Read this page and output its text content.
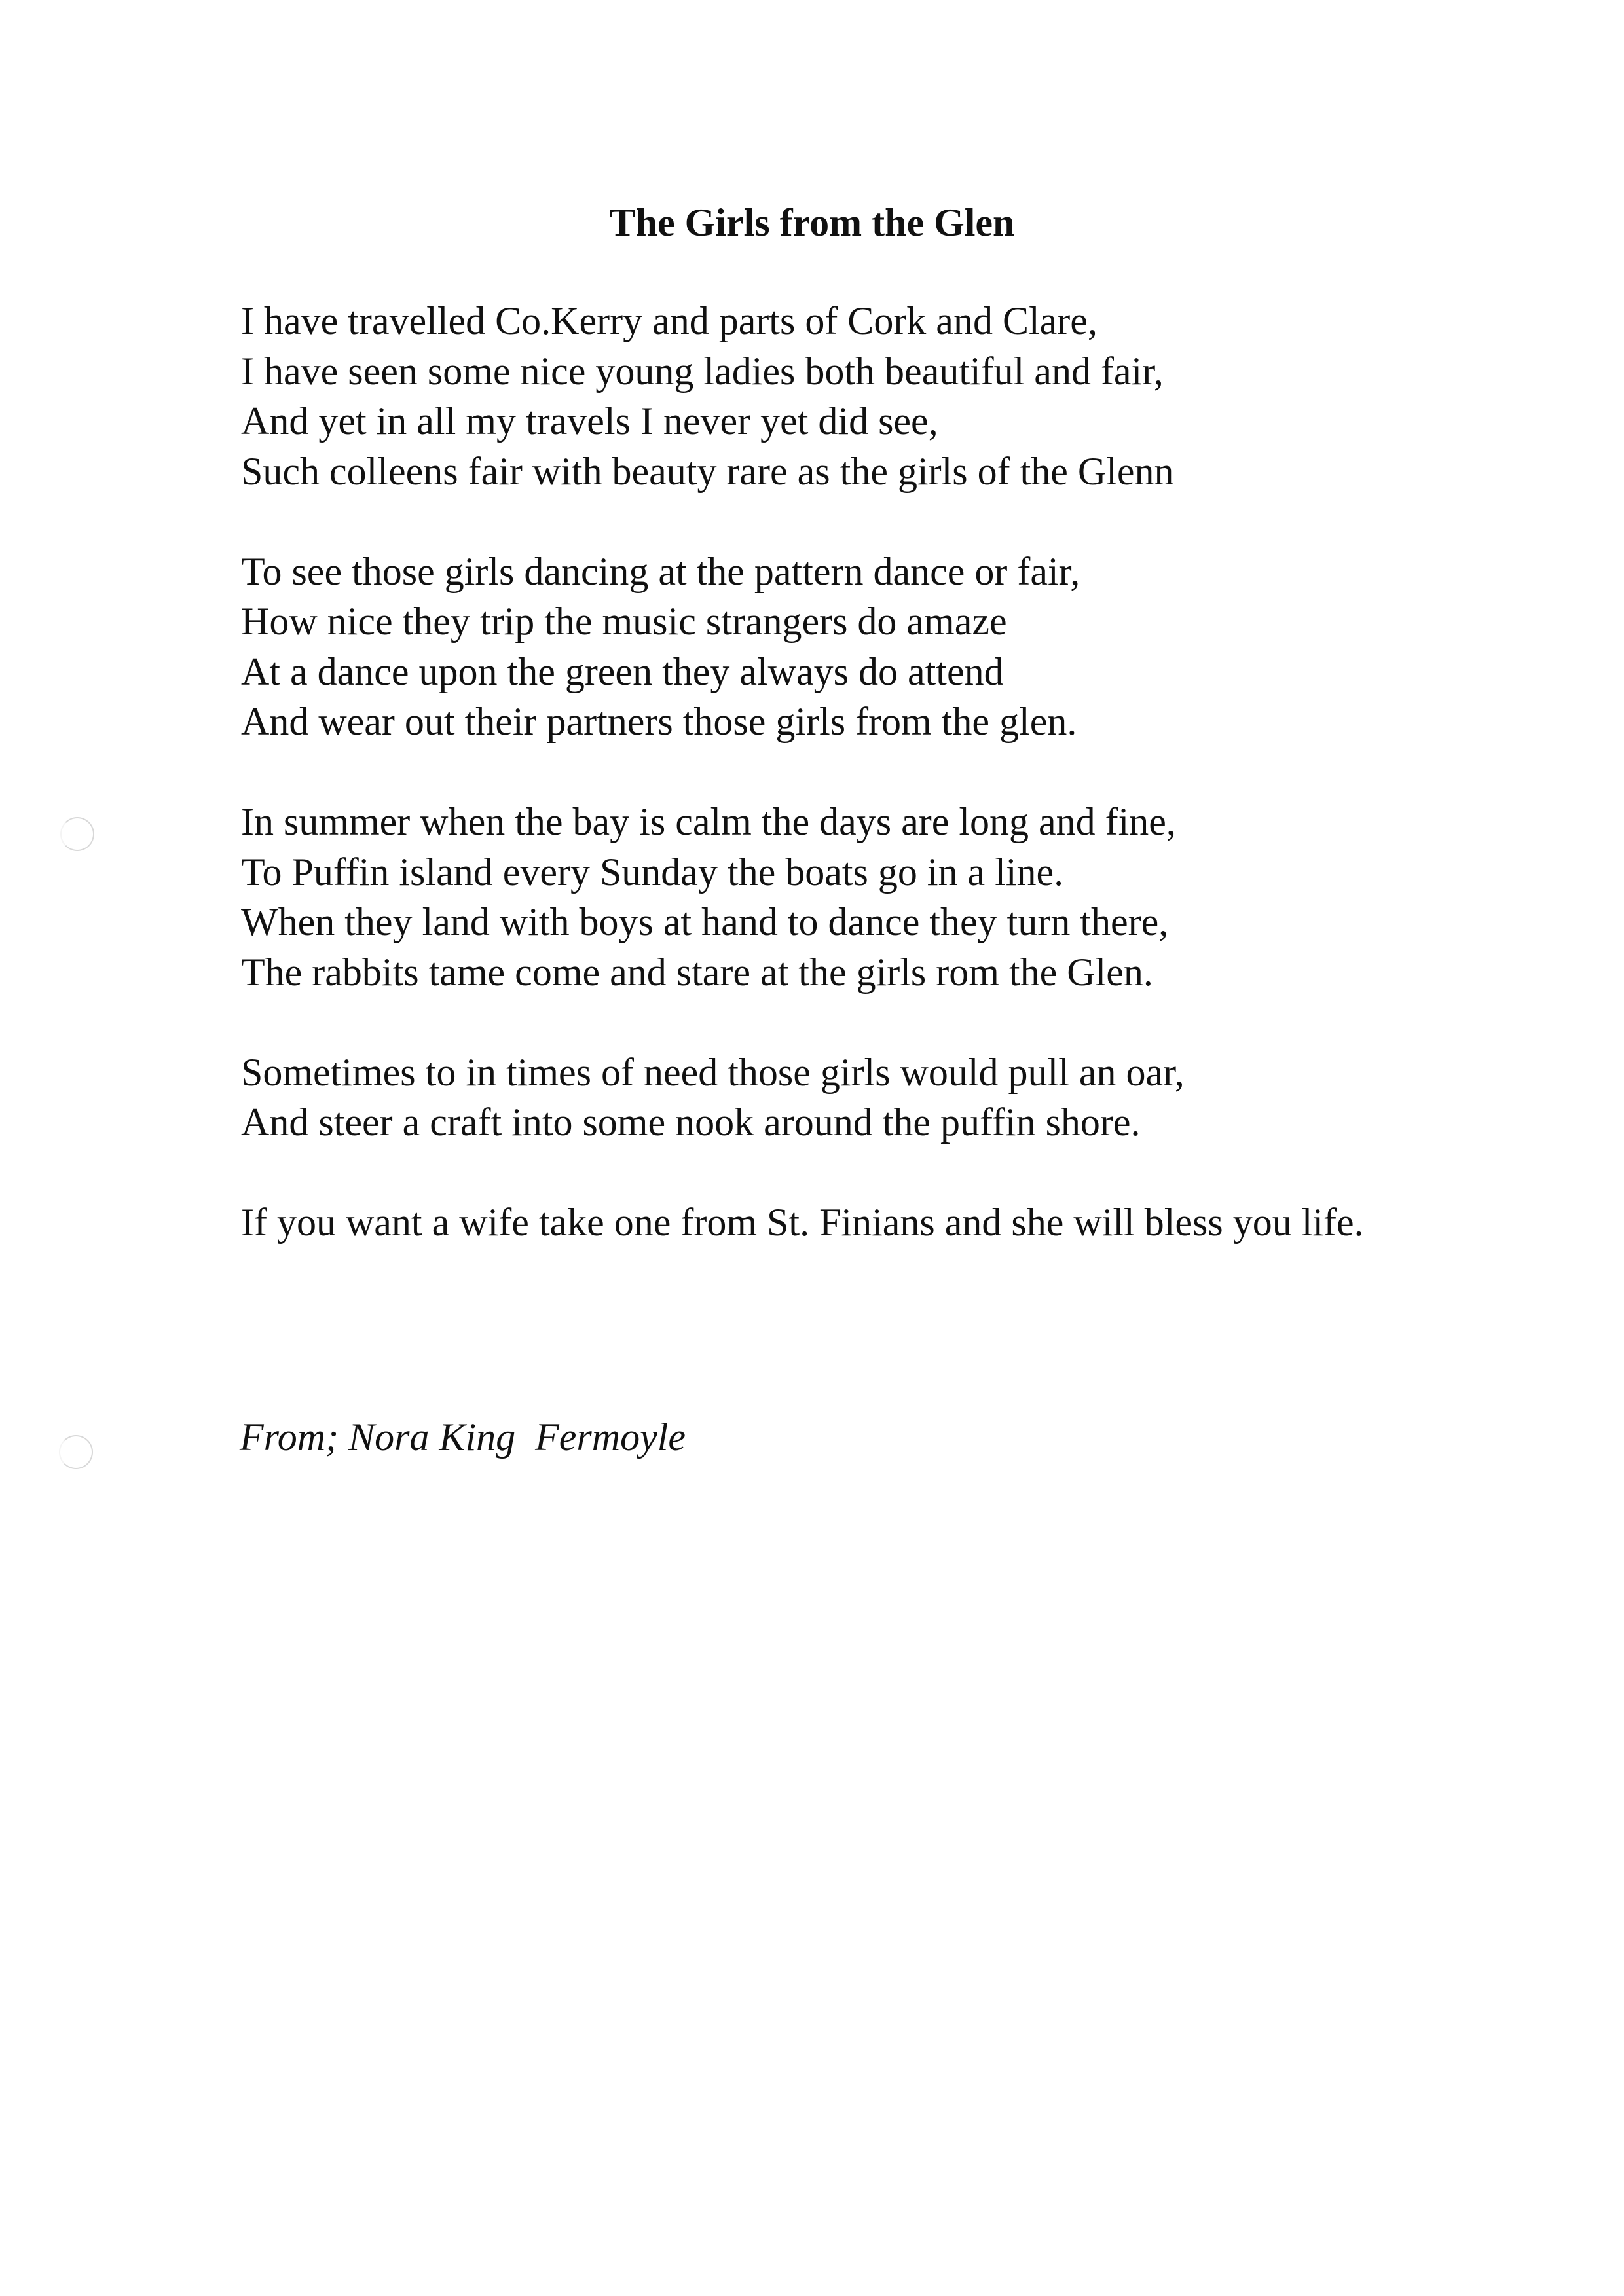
The Girls from the Glen
I have travelled Co.Kerry and parts of Cork and Clare,
I have seen some nice young ladies both beautiful and fair,
And yet in all my travels I never yet did see,
Such colleens fair with beauty rare as the girls of the Glenn
To see those girls dancing at the pattern dance or fair,
How nice they trip the music strangers do amaze
At a dance upon the green they always do attend
And wear out their partners those girls from the glen.
In summer when the bay is calm the days are long and fine,
To Puffin island every Sunday the boats go in a line.
When they land with boys at hand to dance they turn there,
The rabbits tame come and stare at the girls rom the Glen.
Sometimes to in times of need those girls would pull an oar,
And steer a craft into some nook around the puffin shore.
If you want a wife take one from St. Finians and she will bless you life.
From; Nora King  Fermoyle
